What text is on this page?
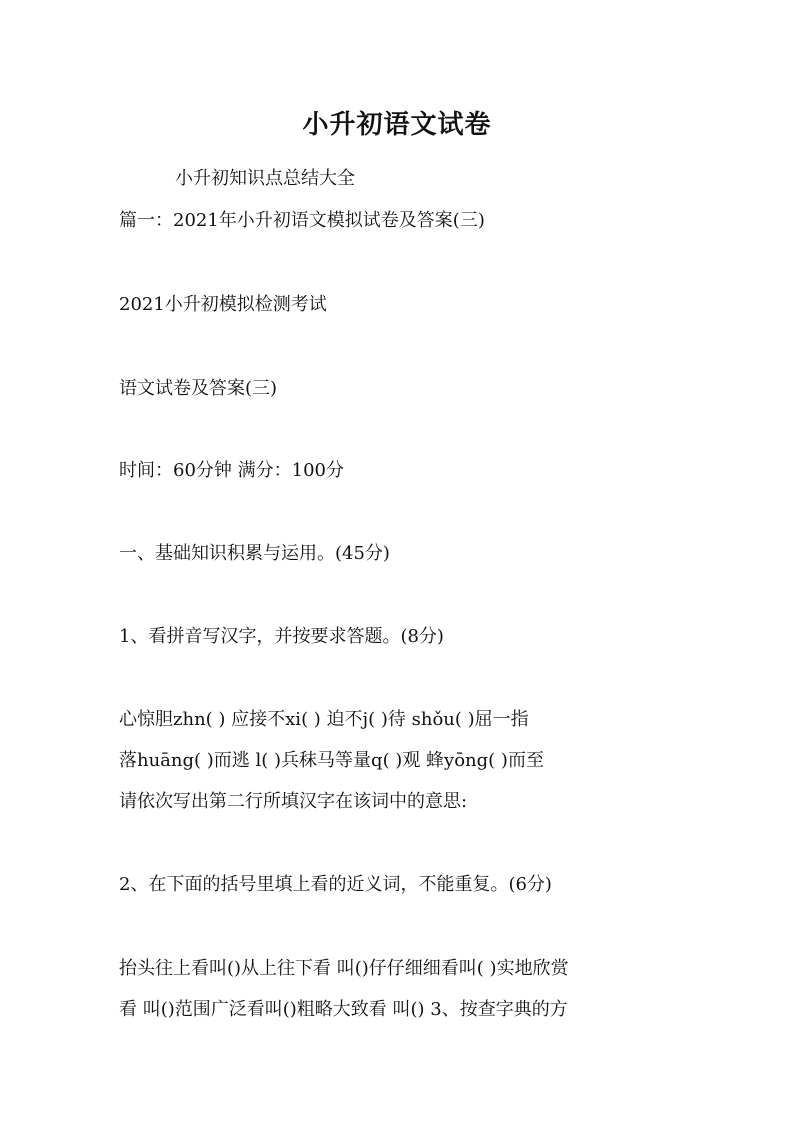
小升初语文试卷
小升初知识点总结大全
篇一：2021年小升初语文模拟试卷及答案(三)
2021小升初模拟检测考试
语文试卷及答案(三)
时间：60分钟 满分：100分
一、基础知识积累与运用。(45分)
1、看拼音写汉字，并按要求答题。(8分)
心惊胆zhn( ) 应接不xi( ) 迫不j( )待 shǒu( )屈一指
落huāng( )而逃 l( )兵秣马等量q( )观 蜂yōng( )而至
请依次写出第二行所填汉字在该词中的意思:
2、在下面的括号里填上看的近义词，不能重复。(6分)
抬头往上看叫()从上往下看 叫()仔仔细细看叫( )实地欣赏
看 叫()范围广泛看叫()粗略大致看 叫() 3、按查字典的方
